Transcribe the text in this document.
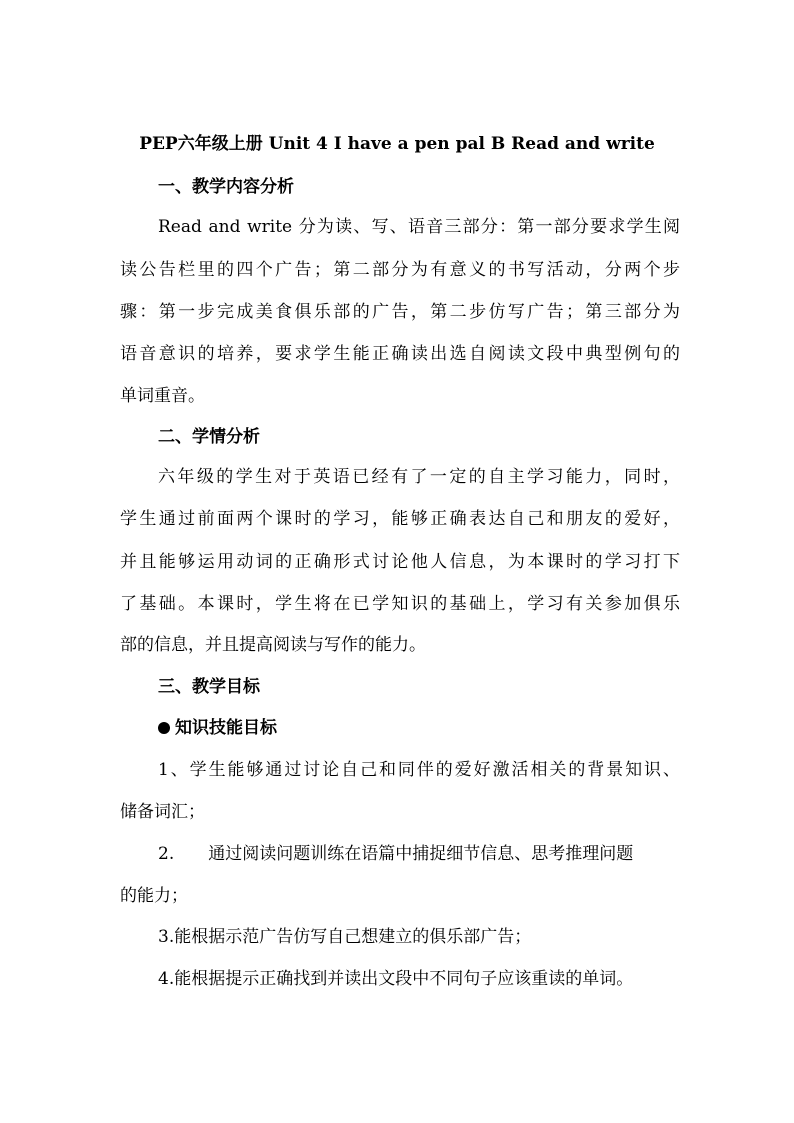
PEP六年级上册 Unit 4 I have a pen pal B Read and write
一、教学内容分析
Read and write 分为读、写、语音三部分：第一部分要求学生阅
读公告栏里的四个广告；第二部分为有意义的书写活动，分两个步
骤：第一步完成美食俱乐部的广告，第二步仿写广告；第三部分为
语音意识的培养，要求学生能正确读出选自阅读文段中典型例句的
单词重音。
二、学情分析
六年级的学生对于英语已经有了一定的自主学习能力，同时，
学生通过前面两个课时的学习，能够正确表达自己和朋友的爱好，
并且能够运用动词的正确形式讨论他人信息，为本课时的学习打下
了基础。本课时，学生将在已学知识的基础上，学习有关参加俱乐
部的信息，并且提高阅读与写作的能力。
三、教学目标
知识技能目标
1、学生能够通过讨论自己和同伴的爱好激活相关的背景知识、
储备词汇；
2. 通过阅读问题训练在语篇中捕捉细节信息、思考推理问题
的能力；
3.能根据示范广告仿写自己想建立的俱乐部广告；
4.能根据提示正确找到并读出文段中不同句子应该重读的单词。
